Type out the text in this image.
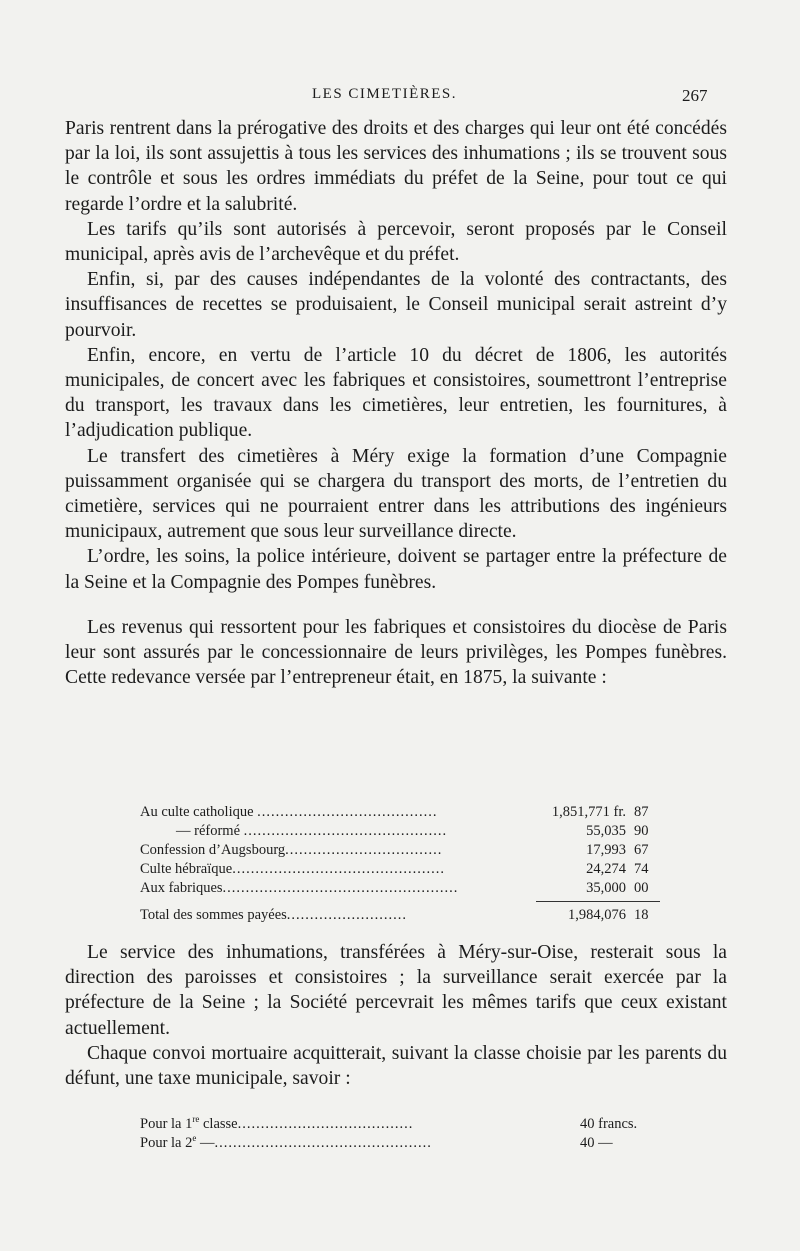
LES CIMETIÈRES.	267

Paris rentrent dans la prérogative des droits et des charges qui leur ont été concédés par la loi, ils sont assujettis à tous les services des inhumations ; ils se trouvent sous le contrôle et sous les ordres immédiats du préfet de la Seine, pour tout ce qui regarde l’ordre et la salubrité.

Les tarifs qu’ils sont autorisés à percevoir, seront proposés par le Conseil municipal, après avis de l’archevêque et du préfet.

Enfin, si, par des causes indépendantes de la volonté des contractants, des insuffisances de recettes se produisaient, le Conseil municipal serait astreint d’y pourvoir.

Enfin, encore, en vertu de l’article 10 du décret de 1806, les autorités municipales, de concert avec les fabriques et consistoires, soumettront l’entreprise du transport, les travaux dans les cimetières, leur entretien, les fournitures, à l’adjudication publique.

Le transfert des cimetières à Méry exige la formation d’une Compagnie puissamment organisée qui se chargera du transport des morts, de l’entretien du cimetière, services qui ne pourraient entrer dans les attributions des ingénieurs municipaux, autrement que sous leur surveillance directe.

L’ordre, les soins, la police intérieure, doivent se partager entre la préfecture de la Seine et la Compagnie des Pompes funèbres.

Les revenus qui ressortent pour les fabriques et consistoires du diocèse de Paris leur sont assurés par le concessionnaire de leurs privilèges, les Pompes funèbres. Cette redevance versée par l’entrepreneur était, en 1875, la suivante :

Au culte catholique .......................................	1,851,771 fr. 87
— réformé ............................................	55,035 90
Confession d’Augsbourg..................................	17,993 67
Culte hébraïque..............................................	24,274 74
Aux fabriques...................................................	35,000 00
Total des sommes payées..........................	1,984,076 18

Le service des inhumations, transférées à Méry-sur-Oise, resterait sous la direction des paroisses et consistoires ; la surveillance serait exercée par la préfecture de la Seine ; la Société percevrait les mêmes tarifs que ceux existant actuellement.

Chaque convoi mortuaire acquitterait, suivant la classe choisie par les parents du défunt, une taxe municipale, savoir :

Pour la 1re classe......................................	40 francs.
Pour la 2e —...............................................	40 —
